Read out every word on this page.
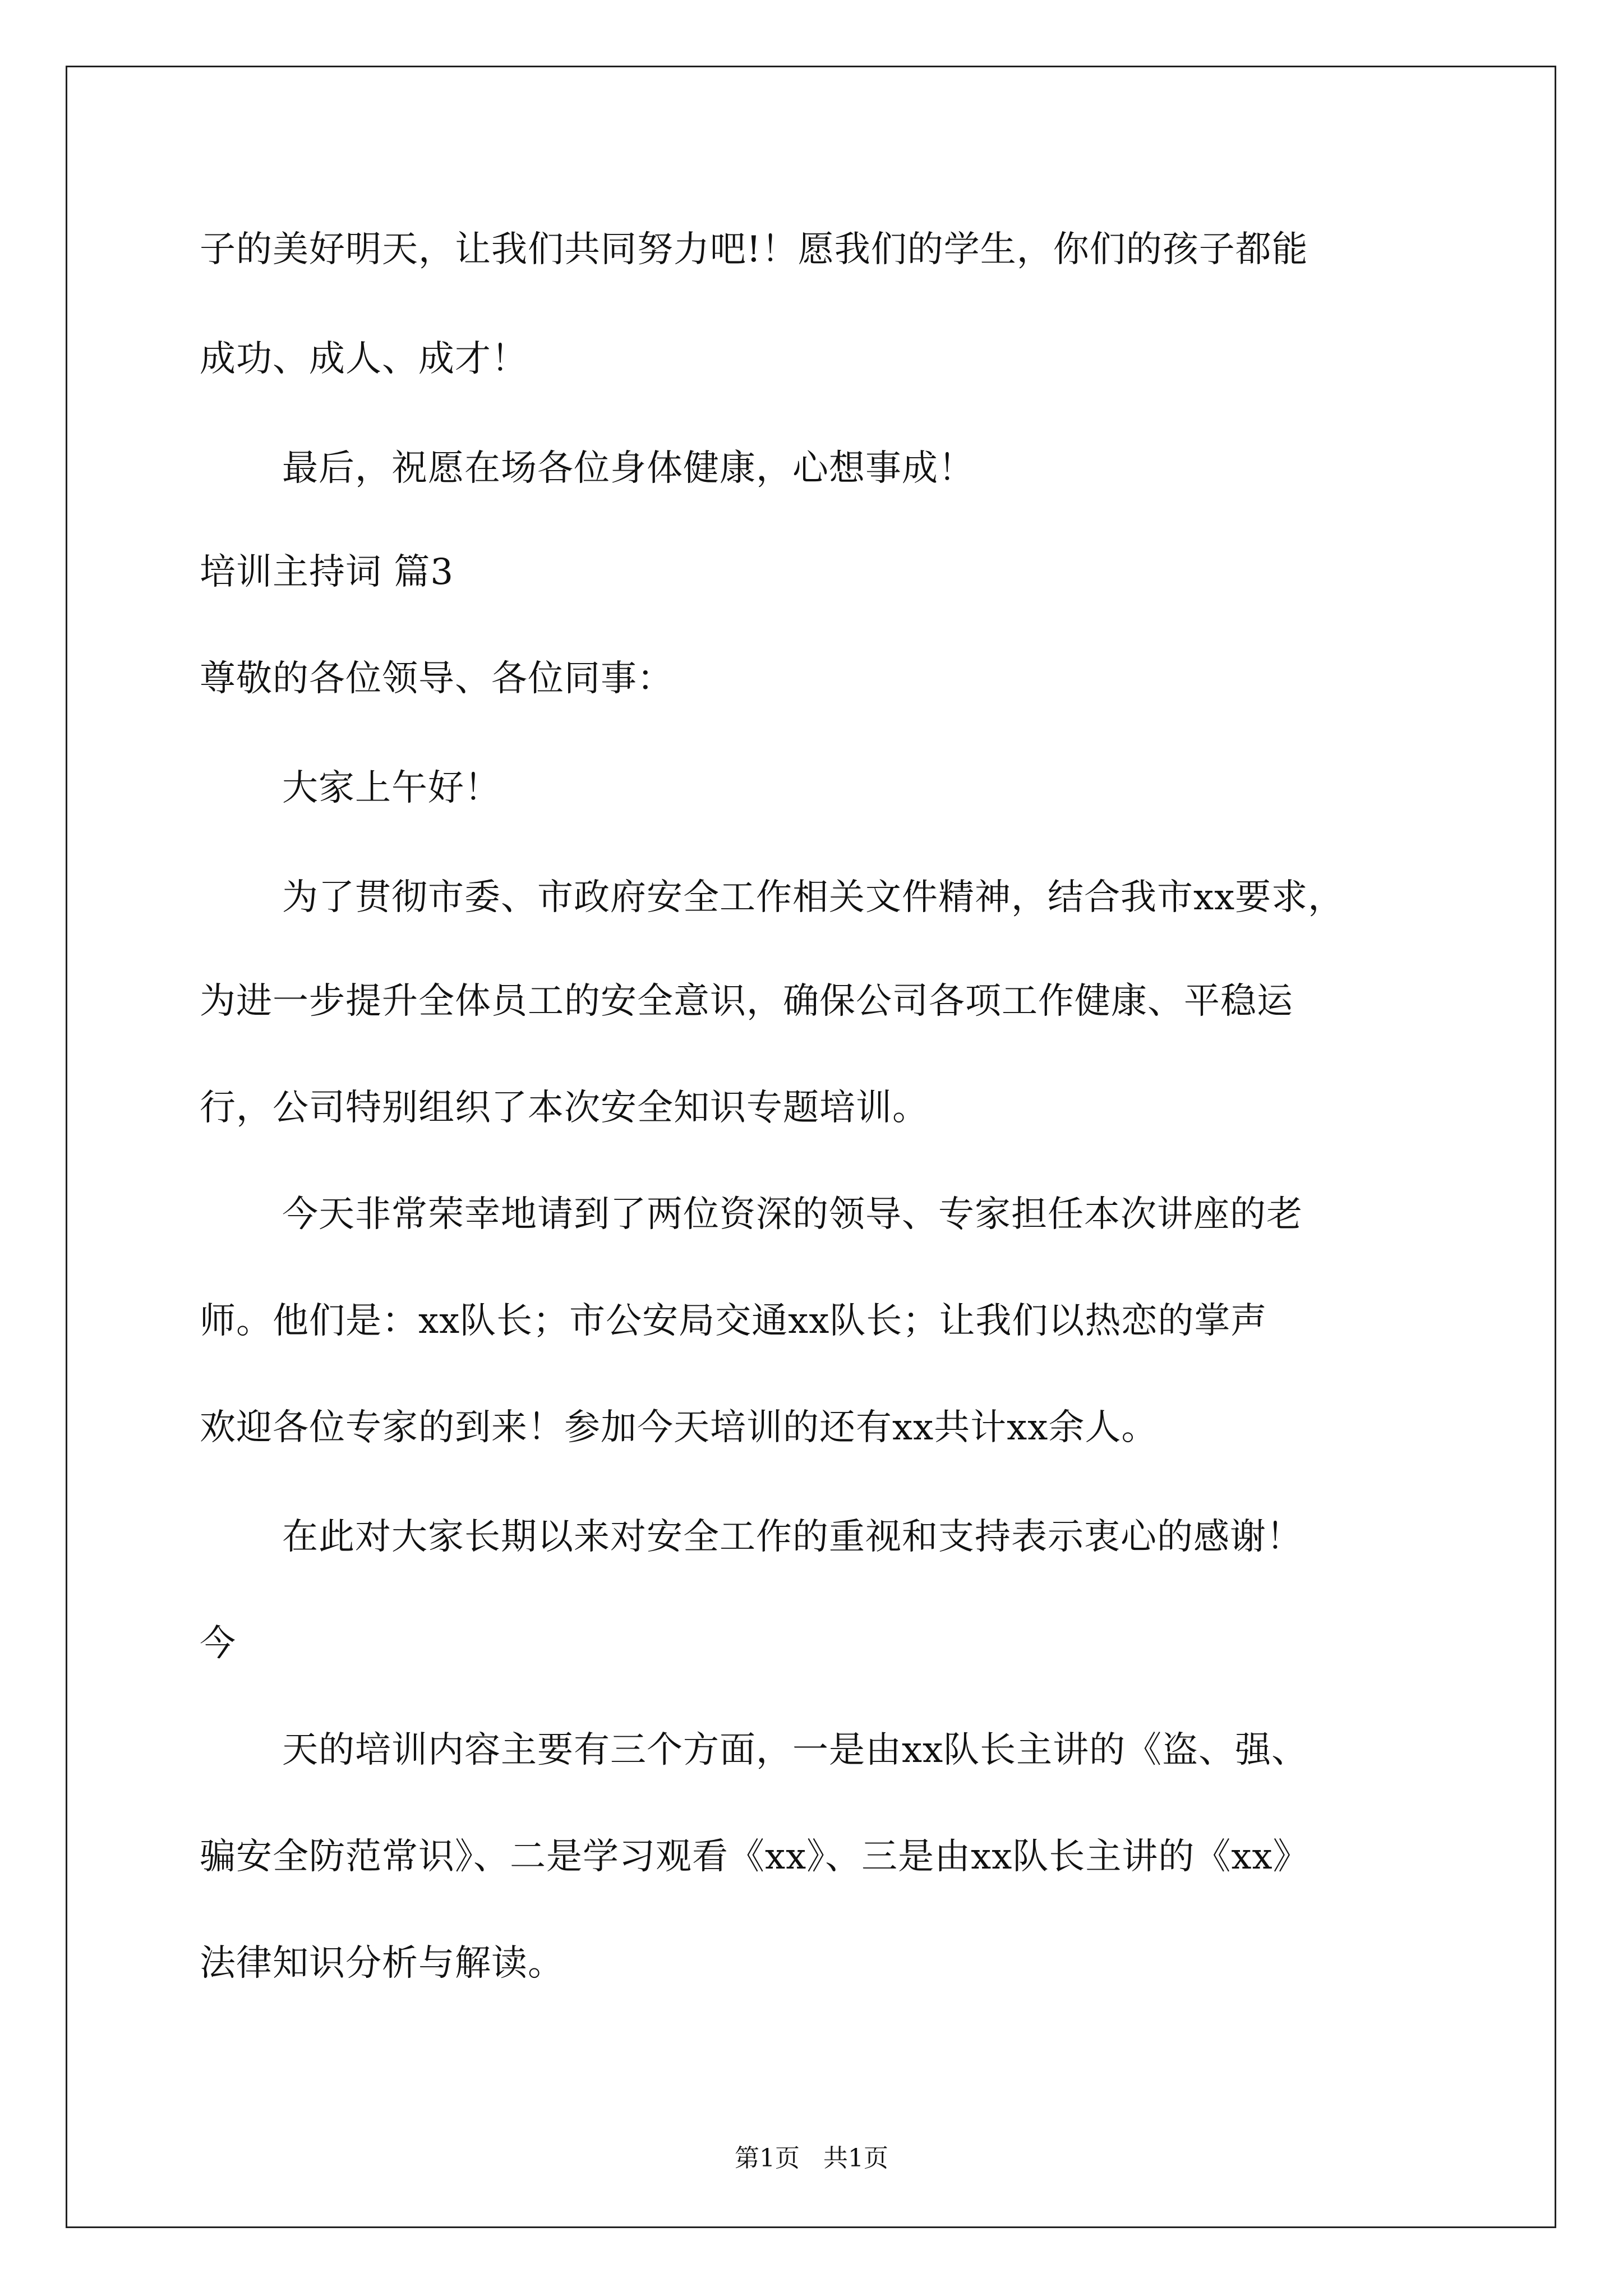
子的美好明天，让我们共同努力吧!！愿我们的学生，你们的孩子都能
成功、成人、成才！
最后，祝愿在场各位身体健康，心想事成！
培训主持词 篇3
尊敬的各位领导、各位同事：
大家上午好！
为了贯彻市委、市政府安全工作相关文件精神，结合我市xx要求，
为进一步提升全体员工的安全意识，确保公司各项工作健康、平稳运
行，公司特别组织了本次安全知识专题培训。
今天非常荣幸地请到了两位资深的领导、专家担任本次讲座的老
师。他们是：xx队长；市公安局交通xx队长；让我们以热恋的掌声
欢迎各位专家的到来！参加今天培训的还有xx共计xx余人。
在此对大家长期以来对安全工作的重视和支持表示衷心的感谢！
今
天的培训内容主要有三个方面，一是由xx队长主讲的《盗、强、
骗安全防范常识》、二是学习观看《xx》、三是由xx队长主讲的《xx》
法律知识分析与解读。
第1页   共1页
